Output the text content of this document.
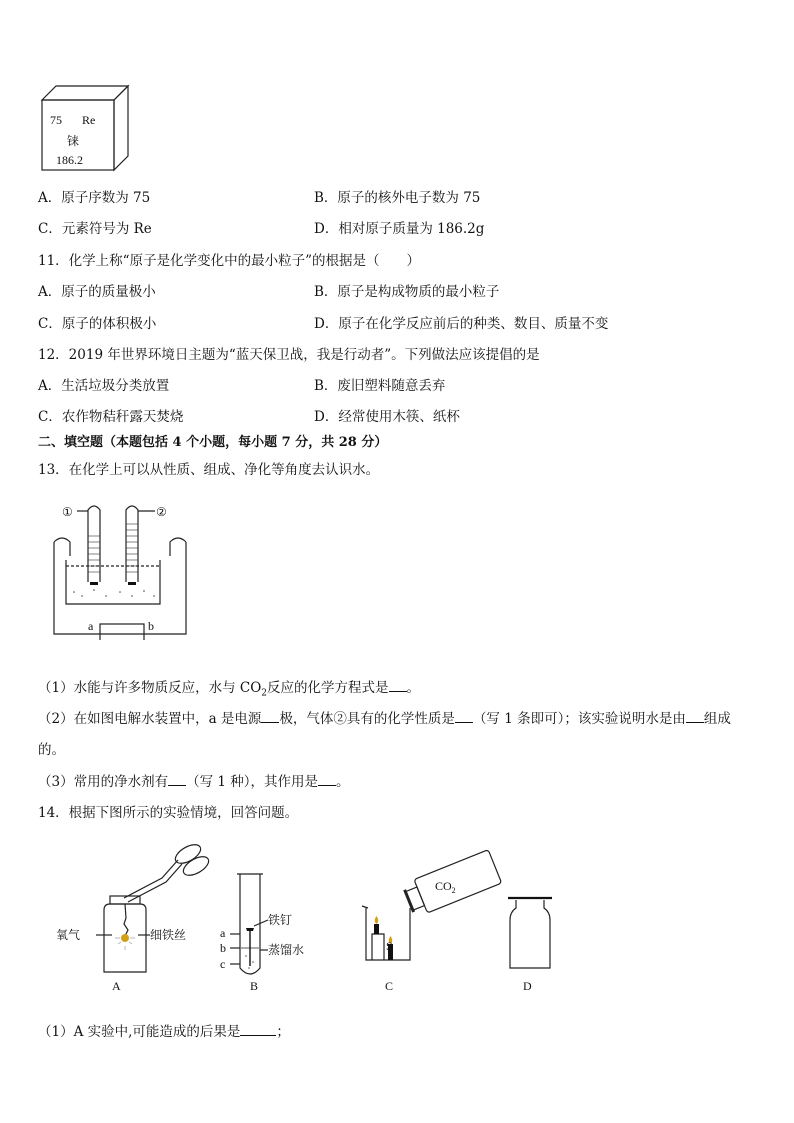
75 Re
铼
186.2
A．原子序数为 75	B．原子的核外电子数为 75
C．元素符号为 Re	D．相对原子质量为 186.2g
11．化学上称“原子是化学变化中的最小粒子”的根据是（　　）
A．原子的质量极小	B．原子是构成物质的最小粒子
C．原子的体积极小	D．原子在化学反应前后的种类、数目、质量不变
12．2019 年世界环境日主题为“蓝天保卫战，我是行动者”。下列做法应该提倡的是
A．生活垃圾分类放置	B．废旧塑料随意丢弃
C．农作物秸秆露天焚烧	D．经常使用木筷、纸杯
二、填空题（本题包括 4 个小题，每小题 7 分，共 28 分）
13．在化学上可以从性质、组成、净化等角度去认识水。
①	②
a	b
（1）水能与许多物质反应，水与 $CO_2$反应的化学方程式是 。
（2）在如图电解水装置中，a 是电源 极，气体②具有的化学性质是 （写 1 条即可）；该实验说明水是由 组成
的。
（3）常用的净水剂有 （写 1 种），其作用是 。
14．根据下图所示的实验情境，回答问题。
氧气	细铁丝
A
a
b
c
铁钉
蒸馏水
B
S
$CO_2$
C	D
（1）A 实验中,可能造成的后果是	；
